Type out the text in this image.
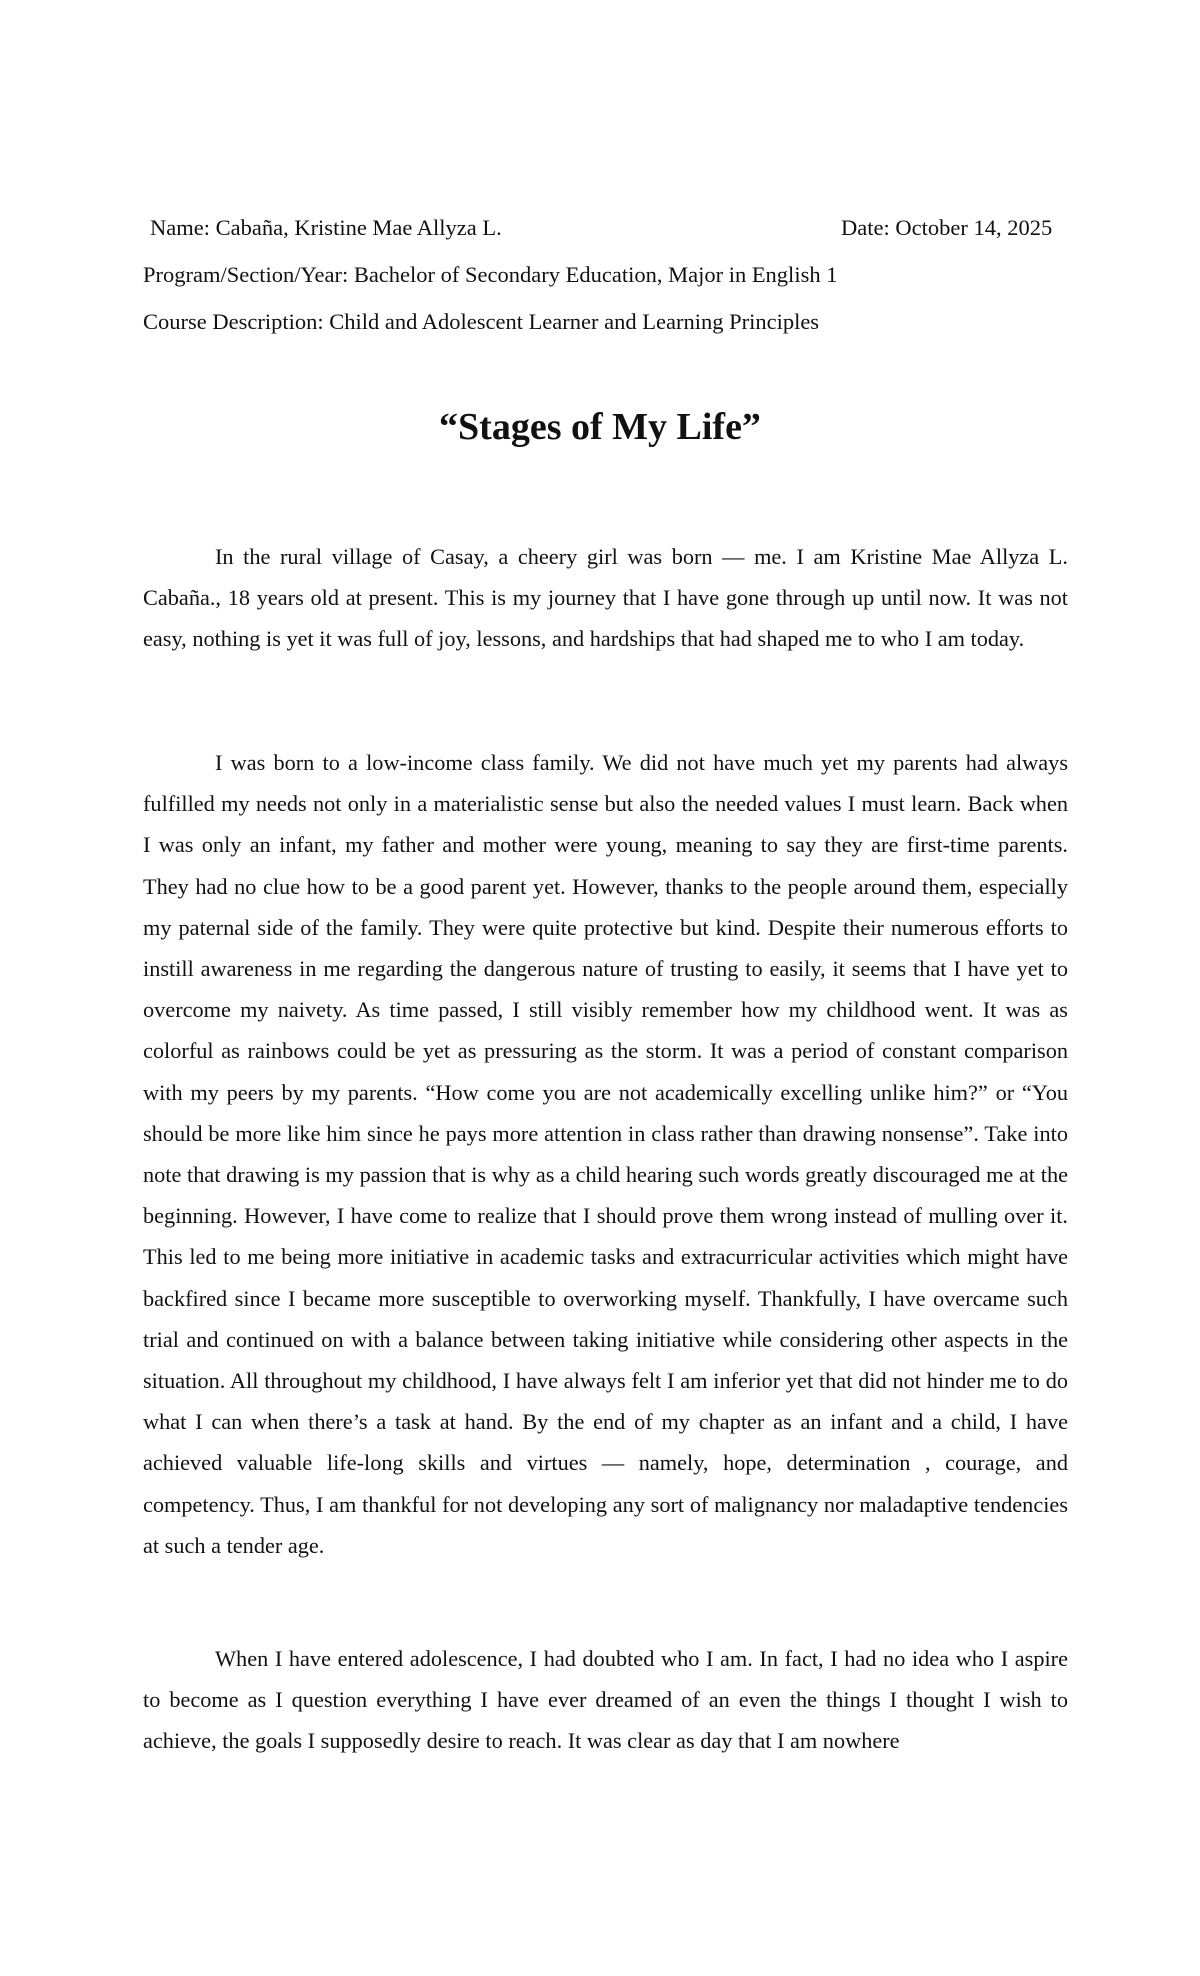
Name: Cabaña, Kristine Mae Allyza L.	Date: October 14, 2025
Program/Section/Year: Bachelor of Secondary Education, Major in English 1
Course Description: Child and Adolescent Learner and Learning Principles
“Stages of My Life”

In the rural village of Casay, a cheery girl was born — me. I am Kristine Mae Allyza L. Cabaña., 18 years old at present. This is my journey that I have gone through up until now. It was not easy, nothing is yet it was full of joy, lessons, and hardships that had shaped me to who I am today.

I was born to a low-income class family. We did not have much yet my parents had always fulfilled my needs not only in a materialistic sense but also the needed values I must learn. Back when I was only an infant, my father and mother were young, meaning to say they are first-time parents. They had no clue how to be a good parent yet. However, thanks to the people around them, especially my paternal side of the family. They were quite protective but kind. Despite their numerous efforts to instill awareness in me regarding the dangerous nature of trusting to easily, it seems that I have yet to overcome my naivety. As time passed, I still visibly remember how my childhood went. It was as colorful as rainbows could be yet as pressuring as the storm. It was a period of constant comparison with my peers by my parents. “How come you are not academically excelling unlike him?” or “You should be more like him since he pays more attention in class rather than drawing nonsense”. Take into note that drawing is my passion that is why as a child hearing such words greatly discouraged me at the beginning. However, I have come to realize that I should prove them wrong instead of mulling over it. This led to me being more initiative in academic tasks and extracurricular activities which might have backfired since I became more susceptible to overworking myself. Thankfully, I have overcame such trial and continued on with a balance between taking initiative while considering other aspects in the situation. All throughout my childhood, I have always felt I am inferior yet that did not hinder me to do what I can when there’s a task at hand. By the end of my chapter as an infant and a child, I have achieved valuable life-long skills and virtues — namely, hope, determination , courage, and competency. Thus, I am thankful for not developing any sort of malignancy nor maladaptive tendencies at such a tender age.

When I have entered adolescence, I had doubted who I am. In fact, I had no idea who I aspire to become as I question everything I have ever dreamed of an even the things I thought I wish to achieve, the goals I supposedly desire to reach. It was clear as day that I am nowhere
